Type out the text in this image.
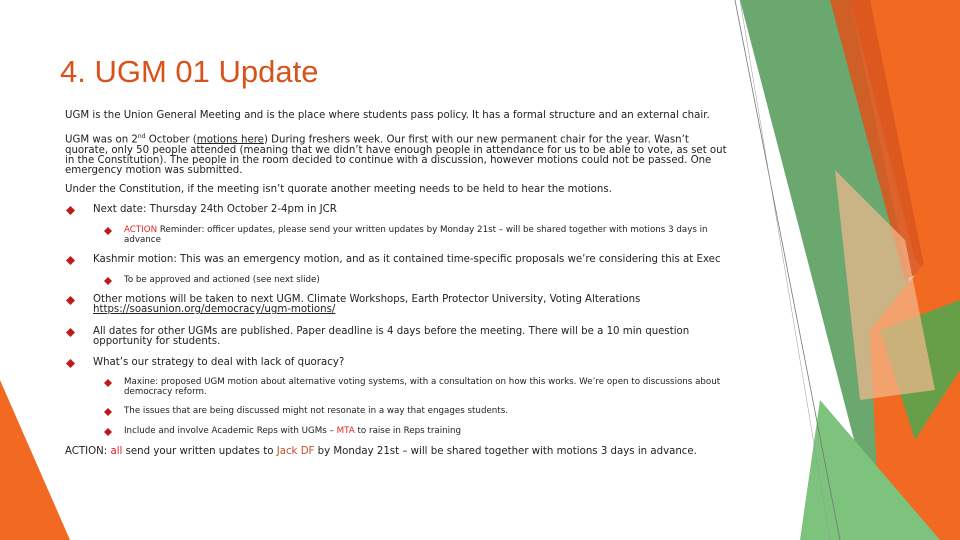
4. UGM 01 Update
UGM is the Union General Meeting and is the place where students pass policy. It has a formal structure and an external chair.
UGM was on 2nd October (motions here) During freshers week. Our first with our new permanent chair for the year. Wasn’t quorate, only 50 people attended (meaning that we didn’t have enough people in attendance for us to be able to vote, as set out in the Constitution). The people in the room decided to continue with a discussion, however motions could not be passed. One emergency motion was submitted.
Under the Constitution, if the meeting isn’t quorate another meeting needs to be held to hear the motions.
Next date: Thursday 24th October 2-4pm in JCR
ACTION Reminder: officer updates, please send your written updates by Monday 21st – will be shared together with motions 3 days in advance
Kashmir motion: This was an emergency motion, and as it contained time-specific proposals we’re considering this at Exec
To be approved and actioned (see next slide)
Other motions will be taken to next UGM. Climate Workshops, Earth Protector University, Voting Alterations
https://soasunion.org/democracy/ugm-motions/
All dates for other UGMs are published. Paper deadline is 4 days before the meeting. There will be a 10 min question opportunity for students.
What’s our strategy to deal with lack of quoracy?
Maxine: proposed UGM motion about alternative voting systems, with a consultation on how this works. We’re open to discussions about democracy reform.
The issues that are being discussed might not resonate in a way that engages students.
Include and involve Academic Reps with UGMs – MTA to raise in Reps training
ACTION: all send your written updates to Jack DF by Monday 21st – will be shared together with motions 3 days in advance.
